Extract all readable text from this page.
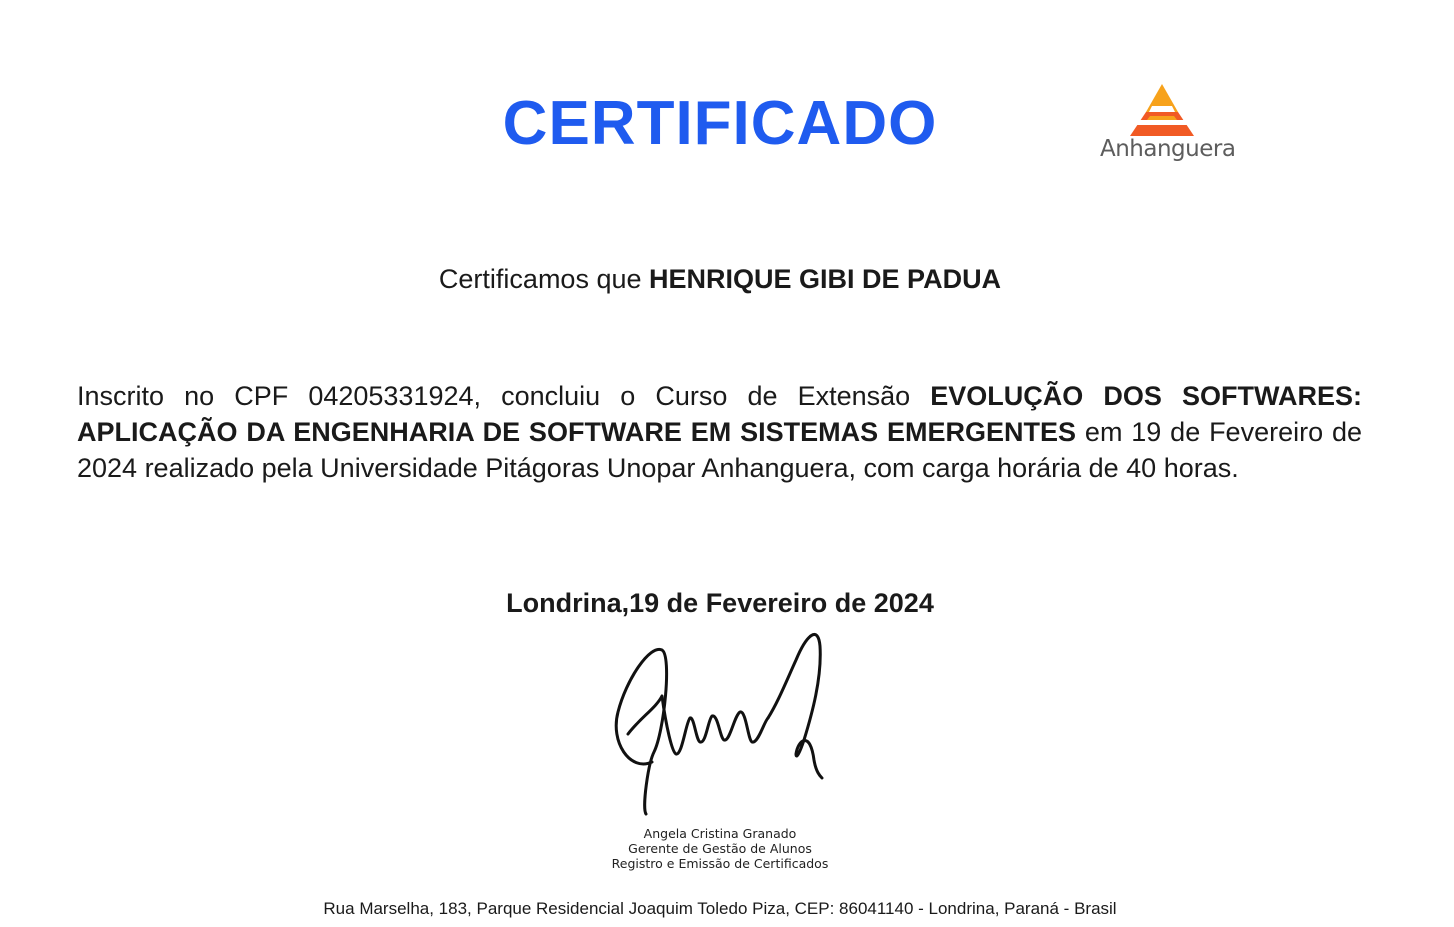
CERTIFICADO	Anhanguera
Certificamos que HENRIQUE GIBI DE PADUA
Inscrito no CPF 04205331924, concluiu o Curso de Extensão EVOLUÇÃO DOS SOFTWARES: APLICAÇÃO DA ENGENHARIA DE SOFTWARE EM SISTEMAS EMERGENTES em 19 de Fevereiro de 2024 realizado pela Universidade Pitágoras Unopar Anhanguera, com carga horária de 40 horas.
Londrina,19 de Fevereiro de 2024
Angela Cristina Granado
Gerente de Gestão de Alunos
Registro e Emissão de Certificados
Rua Marselha, 183, Parque Residencial Joaquim Toledo Piza, CEP: 86041140 - Londrina, Paraná - Brasil
